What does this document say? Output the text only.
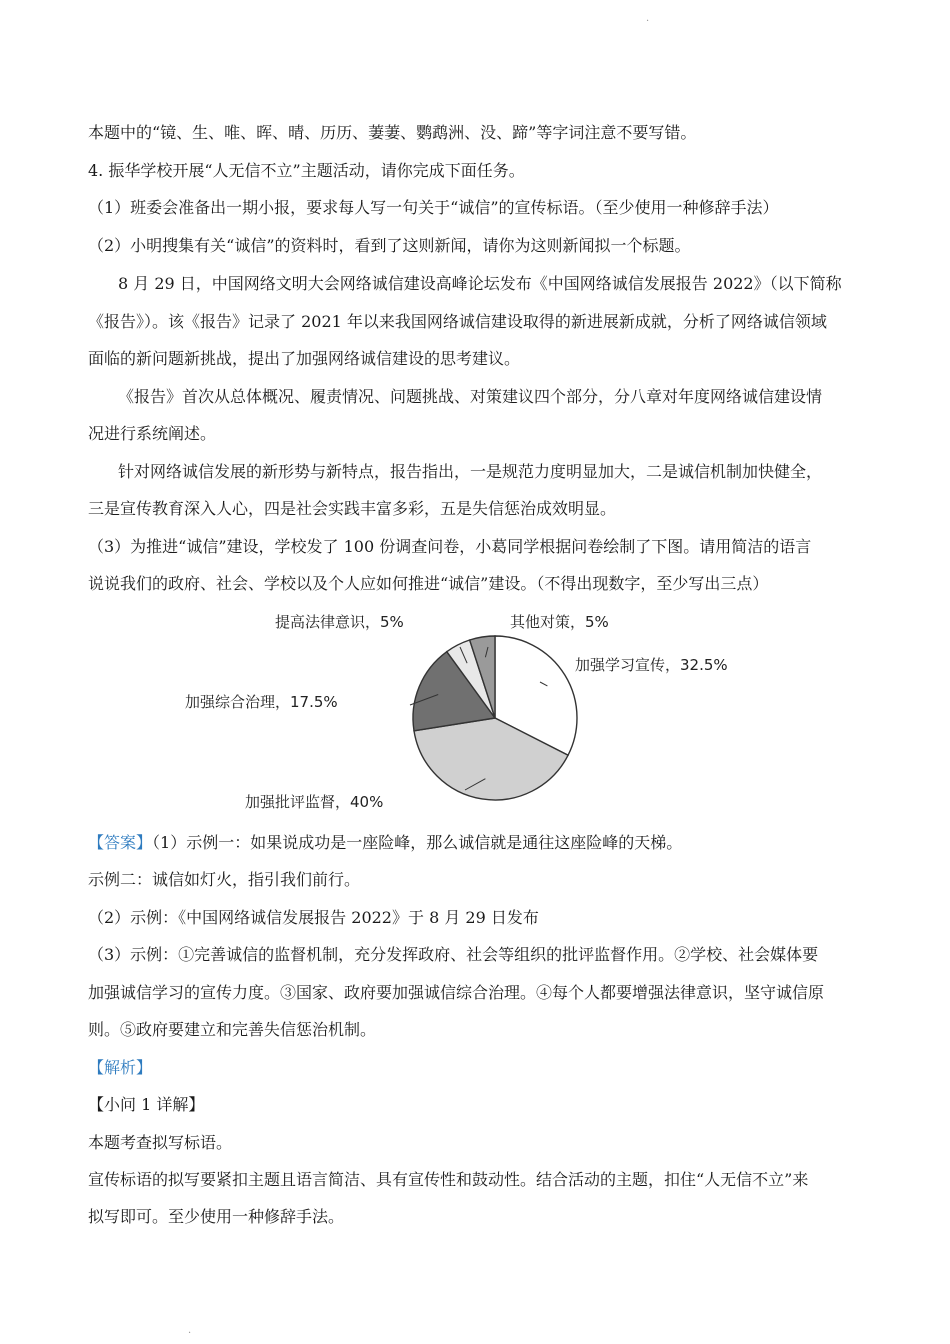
·
本题中的“镜、生、唯、晖、晴、历历、萋萋、鹦鹉洲、没、蹄”等字词注意不要写错。
4. 振华学校开展“人无信不立”主题活动，请你完成下面任务。
（1）班委会准备出一期小报，要求每人写一句关于“诚信”的宣传标语。（至少使用一种修辞手法）
（2）小明搜集有关“诚信”的资料时，看到了这则新闻，请你为这则新闻拟一个标题。
8 月 29 日，中国网络文明大会网络诚信建设高峰论坛发布《中国网络诚信发展报告 2022》（以下简称
《报告》）。该《报告》记录了 2021 年以来我国网络诚信建设取得的新进展新成就，分析了网络诚信领域
面临的新问题新挑战，提出了加强网络诚信建设的思考建议。
《报告》首次从总体概况、履责情况、问题挑战、对策建议四个部分，分八章对年度网络诚信建设情
况进行系统阐述。
针对网络诚信发展的新形势与新特点，报告指出，一是规范力度明显加大，二是诚信机制加快健全，
三是宣传教育深入人心，四是社会实践丰富多彩，五是失信惩治成效明显。
（3）为推进“诚信”建设，学校发了 100 份调查问卷，小葛同学根据问卷绘制了下图。请用简洁的语言
说说我们的政府、社会、学校以及个人应如何推进“诚信”建设。（不得出现数字，至少写出三点）
加强学习宣传，32.5%
加强批评监督，40%
加强综合治理，17.5%
提高法律意识，5%	其他对策，5%
【答案】（1）示例一：如果说成功是一座险峰，那么诚信就是通往这座险峰的天梯。
示例二：诚信如灯火，指引我们前行。
（2）示例：《中国网络诚信发展报告 2022》于 8 月 29 日发布
（3）示例：①完善诚信的监督机制，充分发挥政府、社会等组织的批评监督作用。②学校、社会媒体要
加强诚信学习的宣传力度。③国家、政府要加强诚信综合治理。④每个人都要增强法律意识，坚守诚信原
则。⑤政府要建立和完善失信惩治机制。
【解析】
【小问 1 详解】
本题考查拟写标语。
宣传标语的拟写要紧扣主题且语言简洁、具有宣传性和鼓动性。结合活动的主题，扣住“人无信不立”来
拟写即可。至少使用一种修辞手法。
·
